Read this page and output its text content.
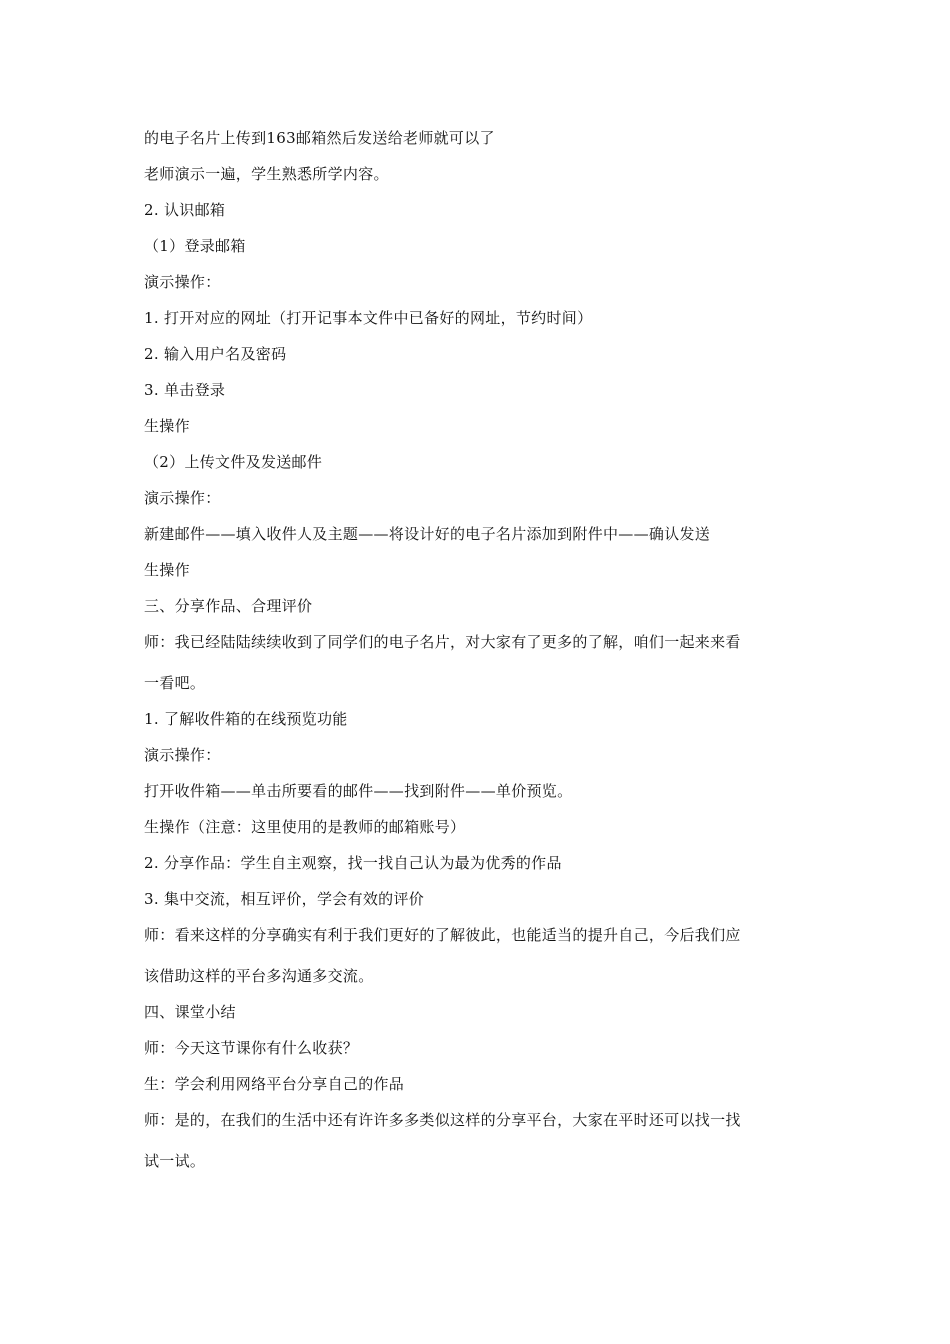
的电子名片上传到163邮箱然后发送给老师就可以了
老师演示一遍，学生熟悉所学内容。
2. 认识邮箱
（1）登录邮箱
演示操作：
1. 打开对应的网址（打开记事本文件中已备好的网址，节约时间）
2. 输入用户名及密码
3. 单击登录
生操作
（2）上传文件及发送邮件
演示操作：
新建邮件——填入收件人及主题——将设计好的电子名片添加到附件中——确认发送
生操作
三、分享作品、合理评价
师：我已经陆陆续续收到了同学们的电子名片，对大家有了更多的了解，咱们一起来来看
一看吧。
1. 了解收件箱的在线预览功能
演示操作：
打开收件箱——单击所要看的邮件——找到附件——单价预览。
生操作（注意：这里使用的是教师的邮箱账号）
2. 分享作品：学生自主观察，找一找自己认为最为优秀的作品
3. 集中交流，相互评价，学会有效的评价
师：看来这样的分享确实有利于我们更好的了解彼此，也能适当的提升自己，今后我们应
该借助这样的平台多沟通多交流。
四、课堂小结
师：今天这节课你有什么收获？
生：学会利用网络平台分享自己的作品
师：是的，在我们的生活中还有许许多多类似这样的分享平台，大家在平时还可以找一找
试一试。
